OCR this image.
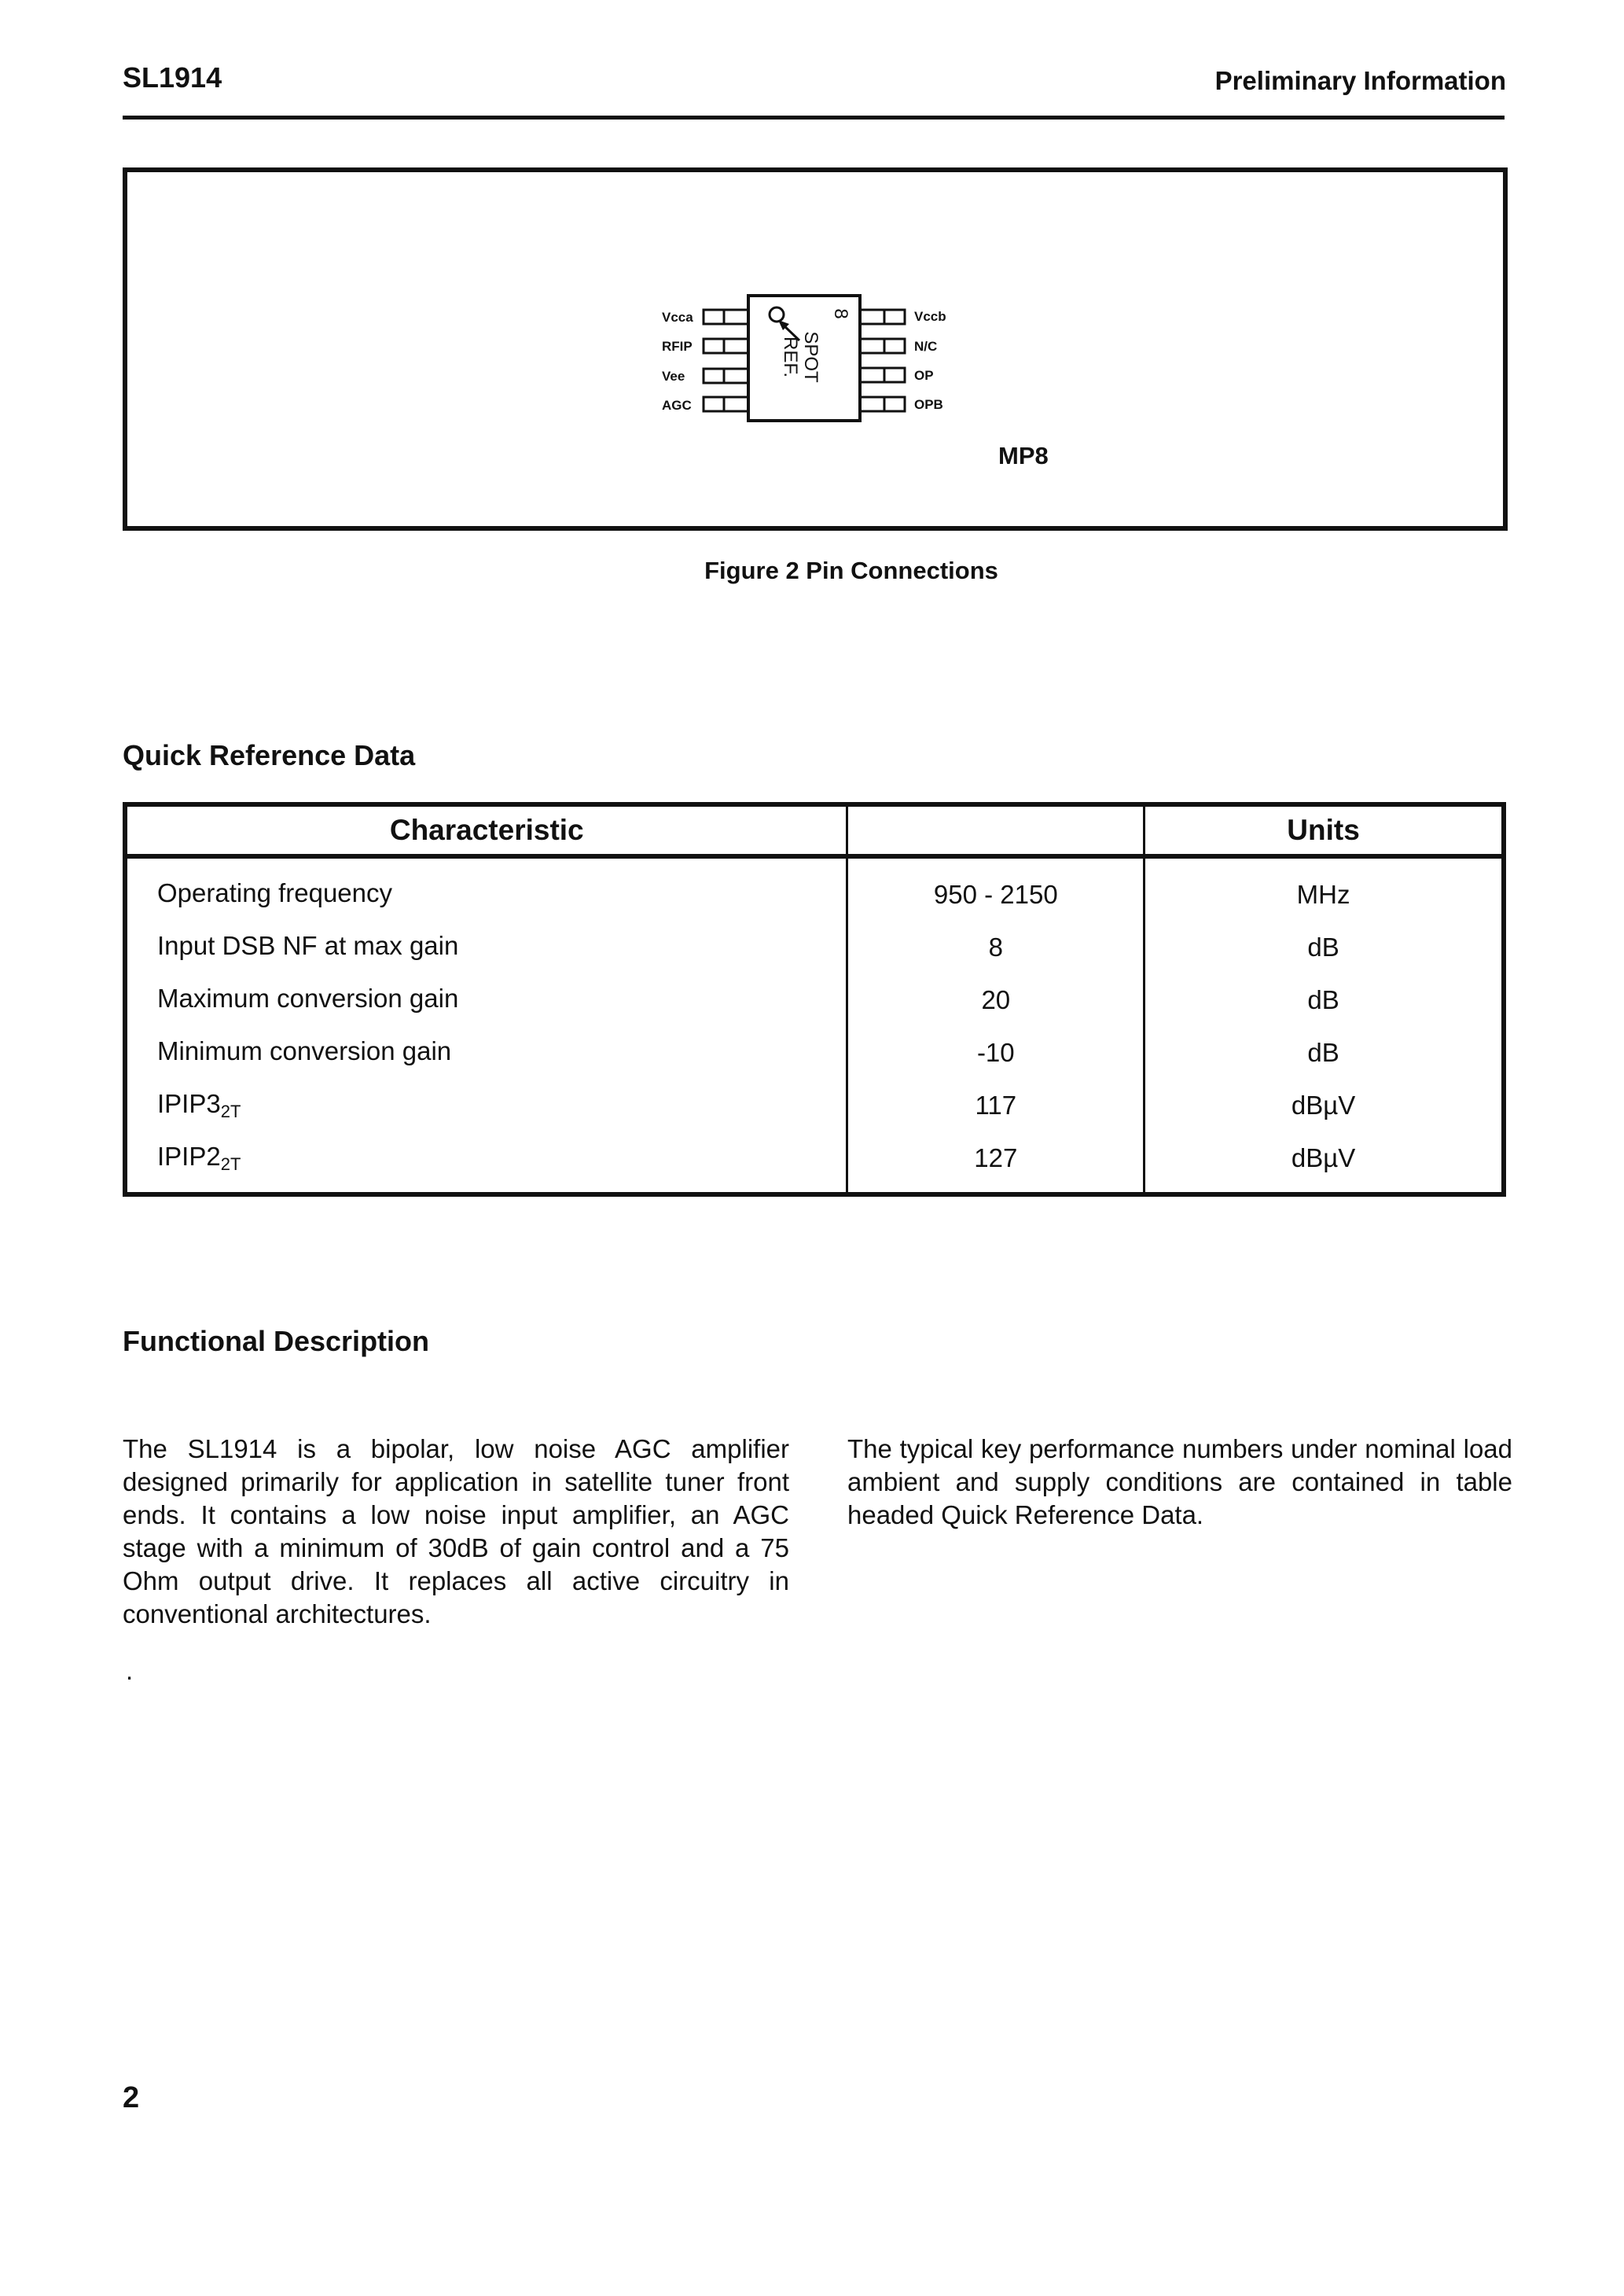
SL1914	Preliminary Information
8
SPOT
REF.
Vcca
RFIP
Vee
AGC
Vccb
N/C
OP
OPB
MP8
Figure 2 Pin Connections
Quick Reference Data
Characteristic		Units
Operating frequency	950 - 2150	MHz
Input DSB NF at max gain	8	dB
Maximum conversion gain	20	dB
Minimum conversion gain	-10	dB
$IPIP3_{2T}$	117	dBµV
$IPIP2_{2T}$	127	dBµV
Functional Description
The SL1914 is a bipolar, low noise AGC amplifier designed primarily for application in satellite tuner front ends. It contains a low noise input amplifier, an AGC stage with a minimum of 30dB of gain control and a 75 Ohm output drive. It replaces all active circuitry in conventional architectures.
The typical key performance numbers under nominal load ambient and supply conditions are contained in table headed Quick Reference Data.
.
2
